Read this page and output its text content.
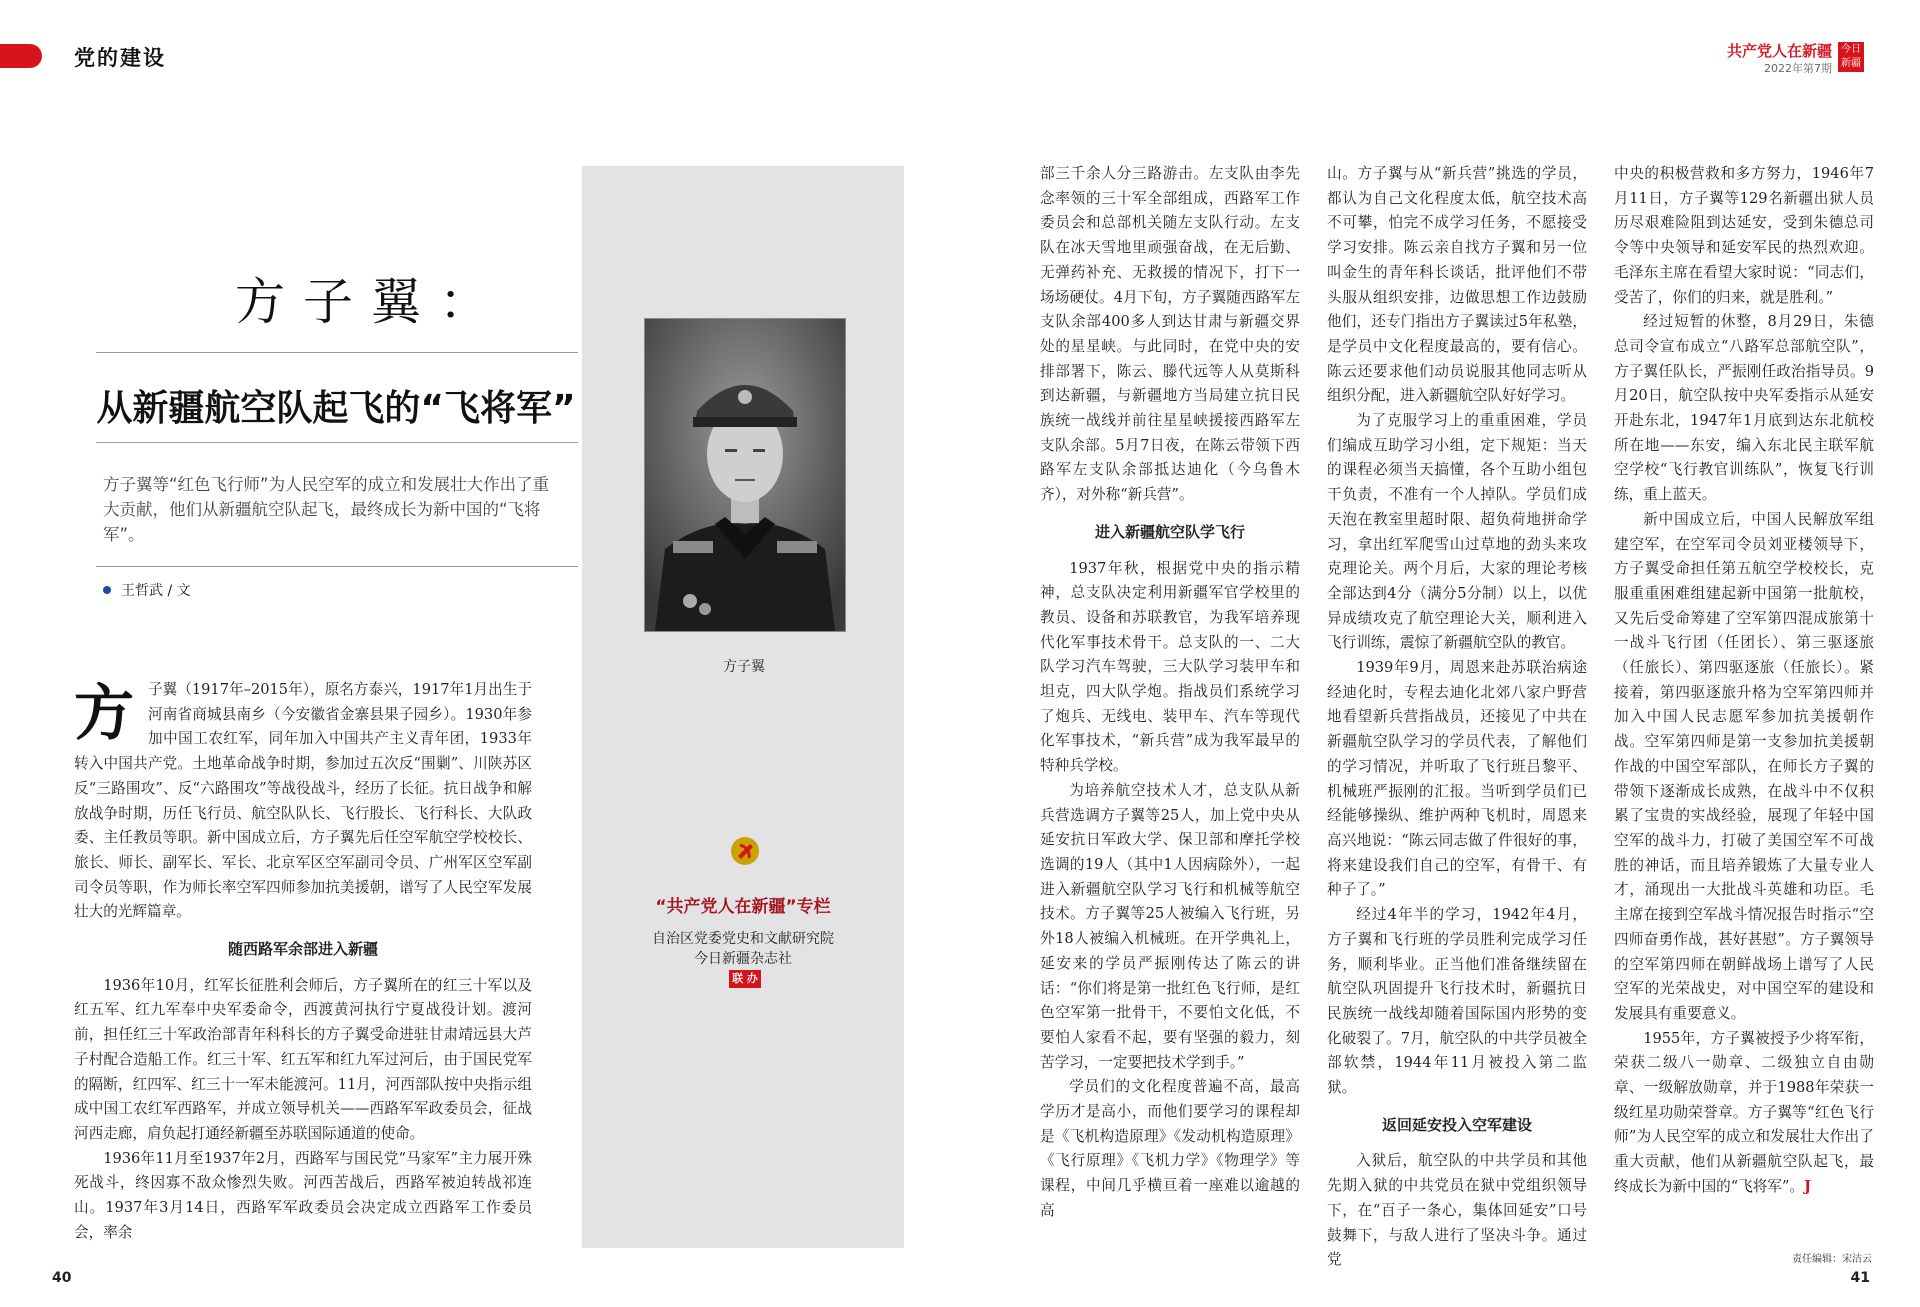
党的建设	共产党人在新疆
2022年第7期
今日新疆
方子翼：
从新疆航空队起飞的“飞将军”
方子翼等“红色飞行师”为人民空军的成立和发展壮大作出了重大贡献，他们从新疆航空队起飞，最终成长为新中国的“飞将军”。
王哲武 / 文

方子翼（1917年–2015年），原名方泰兴，1917年1月出生于河南省商城县南乡（今安徽省金寨县果子园乡）。1930年参加中国工农红军，同年加入中国共产主义青年团，1933年转入中国共产党。土地革命战争时期，参加过五次反“围剿”、川陕苏区反“三路围攻”、反“六路围攻”等战役战斗，经历了长征。抗日战争和解放战争时期，历任飞行员、航空队队长、飞行股长、飞行科长、大队政委、主任教员等职。新中国成立后，方子翼先后任空军航空学校校长、旅长、师长、副军长、军长、北京军区空军副司令员、广州军区空军副司令员等职，作为师长率空军四师参加抗美援朝，谱写了人民空军发展壮大的光辉篇章。

随西路军余部进入新疆

1936年10月，红军长征胜利会师后，方子翼所在的红三十军以及红五军、红九军奉中央军委命令，西渡黄河执行宁夏战役计划。渡河前，担任红三十军政治部青年科科长的方子翼受命进驻甘肃靖远县大芦子村配合造船工作。红三十军、红五军和红九军过河后，由于国民党军的隔断，红四军、红三十一军未能渡河。11月，河西部队按中央指示组成中国工农红军西路军，并成立领导机关——西路军军政委员会，征战河西走廊，肩负起打通经新疆至苏联国际通道的使命。

1936年11月至1937年2月，西路军与国民党“马家军”主力展开殊死战斗，终因寡不敌众惨烈失败。河西苦战后，西路军被迫转战祁连山。1937年3月14日，西路军军政委员会决定成立西路军工作委员会，率余

方子翼
“共产党人在新疆”专栏
自治区党委党史和文献研究院
今日新疆杂志社
联 办

部三千余人分三路游击。左支队由李先念率领的三十军全部组成，西路军工作委员会和总部机关随左支队行动。左支队在冰天雪地里顽强奋战，在无后勤、无弹药补充、无救援的情况下，打下一场场硬仗。4月下旬，方子翼随西路军左支队余部400多人到达甘肃与新疆交界处的星星峡。与此同时，在党中央的安排部署下，陈云、滕代远等人从莫斯科到达新疆，与新疆地方当局建立抗日民族统一战线并前往星星峡援接西路军左支队余部。5月7日夜，在陈云带领下西路军左支队余部抵达迪化（今乌鲁木齐），对外称“新兵营”。

进入新疆航空队学飞行

1937年秋，根据党中央的指示精神，总支队决定利用新疆军官学校里的教员、设备和苏联教官，为我军培养现代化军事技术骨干。总支队的一、二大队学习汽车驾驶，三大队学习装甲车和坦克，四大队学炮。指战员们系统学习了炮兵、无线电、装甲车、汽车等现代化军事技术，“新兵营”成为我军最早的特种兵学校。

为培养航空技术人才，总支队从新兵营选调方子翼等25人，加上党中央从延安抗日军政大学、保卫部和摩托学校选调的19人（其中1人因病除外），一起进入新疆航空队学习飞行和机械等航空技术。方子翼等25人被编入飞行班，另外18人被编入机械班。在开学典礼上，延安来的学员严振刚传达了陈云的讲话：“你们将是第一批红色飞行师，是红色空军第一批骨干，不要怕文化低，不要怕人家看不起，要有坚强的毅力，刻苦学习，一定要把技术学到手。”

学员们的文化程度普遍不高，最高学历才是高小，而他们要学习的课程却是《飞机构造原理》《发动机构造原理》《飞行原理》《飞机力学》《物理学》等课程，中间几乎横亘着一座难以逾越的高

山。方子翼与从“新兵营”挑选的学员，都认为自己文化程度太低，航空技术高不可攀，怕完不成学习任务，不愿接受学习安排。陈云亲自找方子翼和另一位叫金生的青年科长谈话，批评他们不带头服从组织安排，边做思想工作边鼓励他们，还专门指出方子翼读过5年私塾，是学员中文化程度最高的，要有信心。陈云还要求他们动员说服其他同志听从组织分配，进入新疆航空队好好学习。

为了克服学习上的重重困难，学员们编成互助学习小组，定下规矩：当天的课程必须当天搞懂，各个互助小组包干负责，不准有一个人掉队。学员们成天泡在教室里超时限、超负荷地拼命学习，拿出红军爬雪山过草地的劲头来攻克理论关。两个月后，大家的理论考核全部达到4分（满分5分制）以上，以优异成绩攻克了航空理论大关，顺利进入飞行训练，震惊了新疆航空队的教官。

1939年9月，周恩来赴苏联治病途经迪化时，专程去迪化北郊八家户野营地看望新兵营指战员，还接见了中共在新疆航空队学习的学员代表，了解他们的学习情况，并听取了飞行班吕黎平、机械班严振刚的汇报。当听到学员们已经能够操纵、维护两种飞机时，周恩来高兴地说：“陈云同志做了件很好的事，将来建设我们自己的空军，有骨干、有种子了。”

经过4年半的学习，1942年4月，方子翼和飞行班的学员胜利完成学习任务，顺利毕业。正当他们准备继续留在航空队巩固提升飞行技术时，新疆抗日民族统一战线却随着国际国内形势的变化破裂了。7月，航空队的中共学员被全部软禁，1944年11月被投入第二监狱。

返回延安投入空军建设

入狱后，航空队的中共学员和其他先期入狱的中共党员在狱中党组织领导下，在“百子一条心，集体回延安”口号鼓舞下，与敌人进行了坚决斗争。通过党

中央的积极营救和多方努力，1946年7月11日，方子翼等129名新疆出狱人员历尽艰难险阻到达延安，受到朱德总司令等中央领导和延安军民的热烈欢迎。毛泽东主席在看望大家时说：“同志们，受苦了，你们的归来，就是胜利。”

经过短暂的休整，8月29日，朱德总司令宣布成立“八路军总部航空队”，方子翼任队长，严振刚任政治指导员。9月20日，航空队按中央军委指示从延安开赴东北，1947年1月底到达东北航校所在地——东安，编入东北民主联军航空学校“飞行教官训练队”，恢复飞行训练，重上蓝天。

新中国成立后，中国人民解放军组建空军，在空军司令员刘亚楼领导下，方子翼受命担任第五航空学校校长，克服重重困难组建起新中国第一批航校，又先后受命筹建了空军第四混成旅第十一战斗飞行团（任团长）、第三驱逐旅（任旅长）、第四驱逐旅（任旅长）。紧接着，第四驱逐旅升格为空军第四师并加入中国人民志愿军参加抗美援朝作战。空军第四师是第一支参加抗美援朝作战的中国空军部队，在师长方子翼的带领下逐渐成长成熟，在战斗中不仅积累了宝贵的实战经验，展现了年轻中国空军的战斗力，打破了美国空军不可战胜的神话，而且培养锻炼了大量专业人才，涌现出一大批战斗英雄和功臣。毛主席在接到空军战斗情况报告时指示“空四师奋勇作战，甚好甚慰”。方子翼领导的空军第四师在朝鲜战场上谱写了人民空军的光荣战史，对中国空军的建设和发展具有重要意义。

1955年，方子翼被授予少将军衔，荣获二级八一勋章、二级独立自由勋章、一级解放勋章，并于1988年荣获一级红星功勋荣誉章。方子翼等“红色飞行师”为人民空军的成立和发展壮大作出了重大贡献，他们从新疆航空队起飞，最终成长为新中国的“飞将军”。J

40
责任编辑：宋洁云
41
